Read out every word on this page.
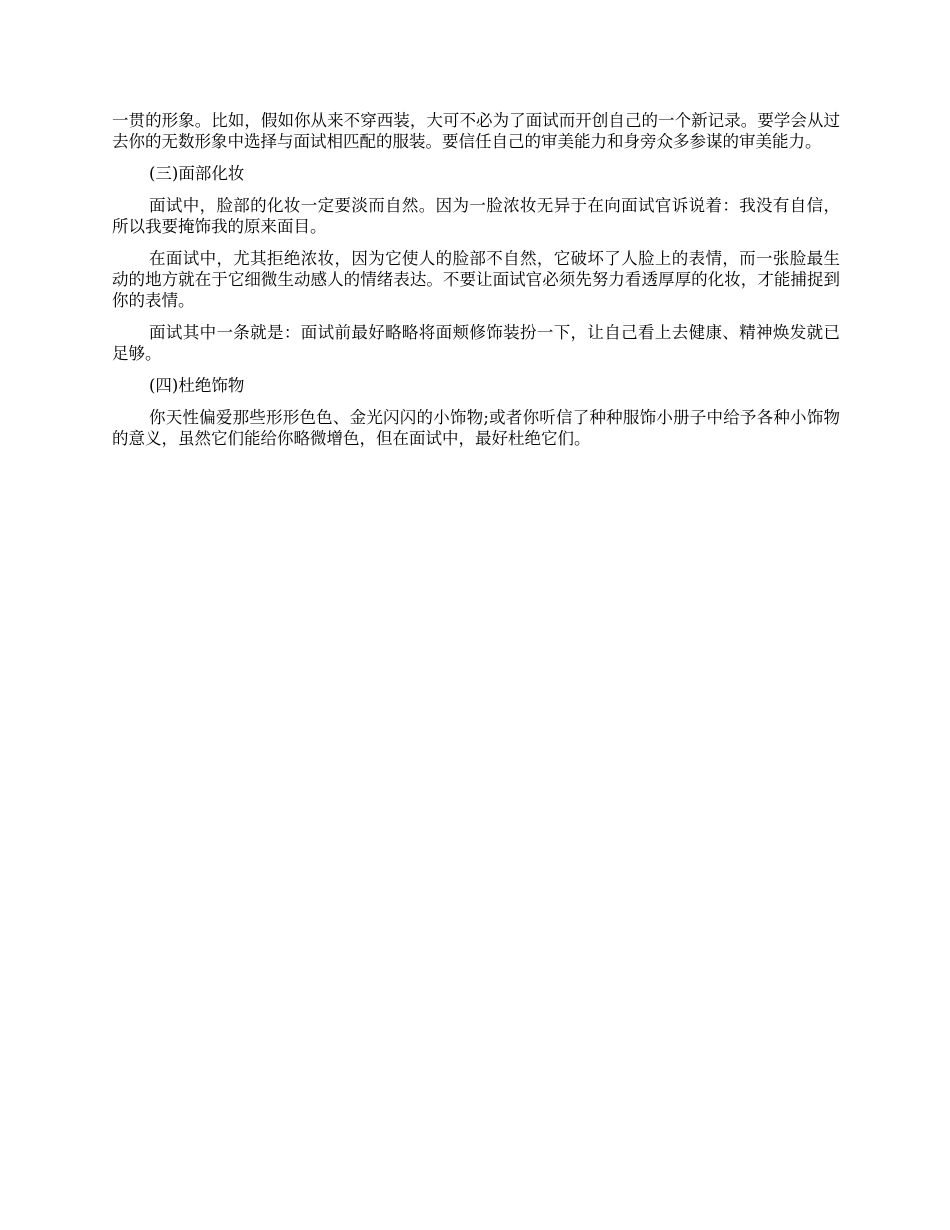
一贯的形象。比如，假如你从来不穿西装，大可不必为了面试而开创自己的一个新记录。要学会从过去你的无数形象中选择与面试相匹配的服装。要信任自己的审美能力和身旁众多参谋的审美能力。

(三)面部化妆

面试中，脸部的化妆一定要淡而自然。因为一脸浓妆无异于在向面试官诉说着：我没有自信，所以我要掩饰我的原来面目。

在面试中，尤其拒绝浓妆，因为它使人的脸部不自然，它破坏了人脸上的表情，而一张脸最生动的地方就在于它细微生动感人的情绪表达。不要让面试官必须先努力看透厚厚的化妆，才能捕捉到你的表情。

面试其中一条就是：面试前最好略略将面颊修饰装扮一下，让自己看上去健康、精神焕发就已足够。

(四)杜绝饰物

你天性偏爱那些形形色色、金光闪闪的小饰物;或者你听信了种种服饰小册子中给予各种小饰物的意义，虽然它们能给你略微增色，但在面试中，最好杜绝它们。
